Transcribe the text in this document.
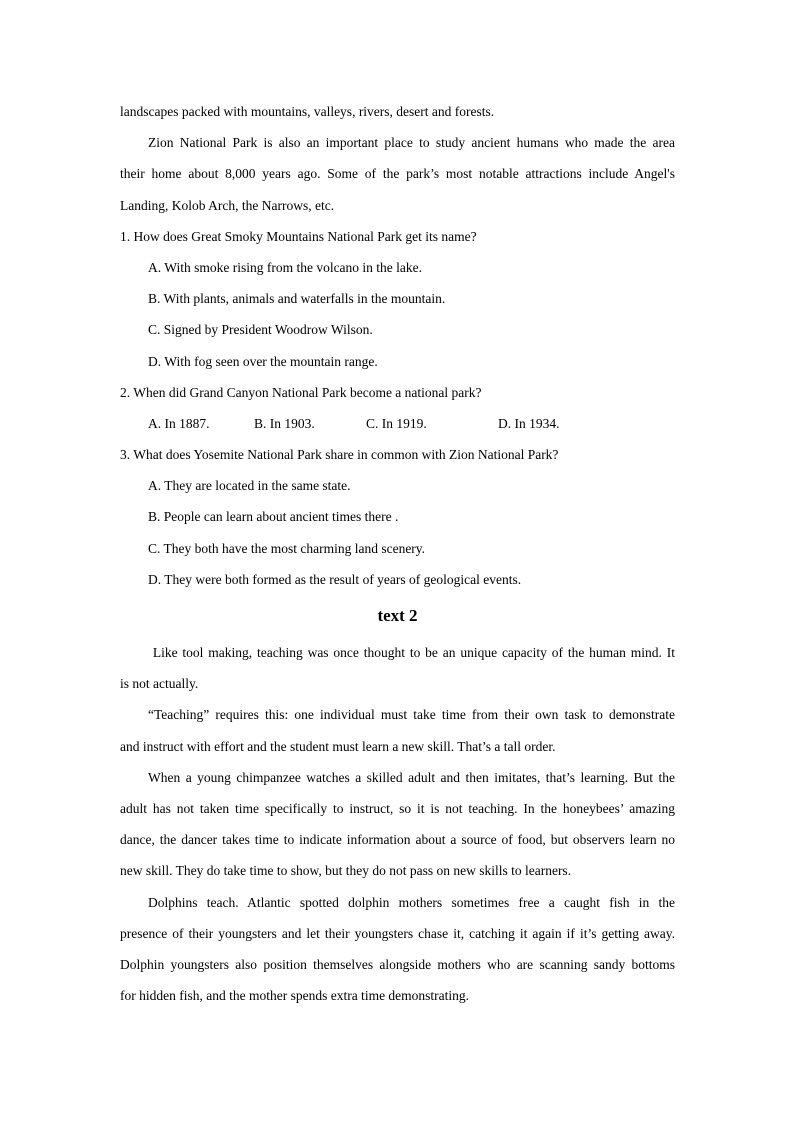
landscapes packed with mountains, valleys, rivers, desert and forests.
Zion National Park is also an important place to study ancient humans who made the area
their home about 8,000 years ago. Some of the park’s most notable attractions include Angel's
Landing, Kolob Arch, the Narrows, etc.
1. How does Great Smoky Mountains National Park get its name?
A. With smoke rising from the volcano in the lake.
B. With plants, animals and waterfalls in the mountain.
C. Signed by President Woodrow Wilson.
D. With fog seen over the mountain range.
2. When did Grand Canyon National Park become a national park?
A. In 1887.	B. In 1903.	C. In 1919.	D. In 1934.
3. What does Yosemite National Park share in common with Zion National Park?
A. They are located in the same state.
B. People can learn about ancient times there .
C. They both have the most charming land scenery.
D. They were both formed as the result of years of geological events.
text 2
Like tool making, teaching was once thought to be an unique capacity of the human mind. It
is not actually.
“Teaching” requires this: one individual must take time from their own task to demonstrate
and instruct with effort and the student must learn a new skill. That’s a tall order.
When a young chimpanzee watches a skilled adult and then imitates, that’s learning. But the
adult has not taken time specifically to instruct, so it is not teaching. In the honeybees’ amazing
dance, the dancer takes time to indicate information about a source of food, but observers learn no
new skill. They do take time to show, but they do not pass on new skills to learners.
Dolphins teach. Atlantic spotted dolphin mothers sometimes free a caught fish in the
presence of their youngsters and let their youngsters chase it, catching it again if it’s getting away.
Dolphin youngsters also position themselves alongside mothers who are scanning sandy bottoms
for hidden fish, and the mother spends extra time demonstrating.
